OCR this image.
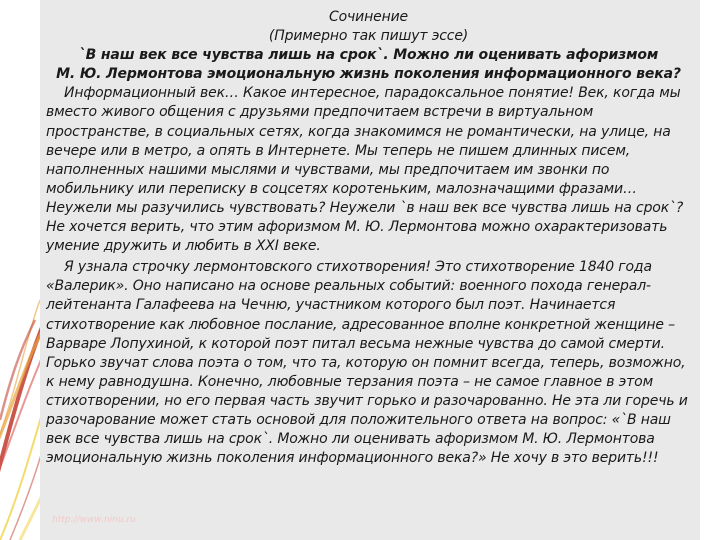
Сочинение
(Примерно так пишут эссе)
`В наш век все чувства лишь на срок`. Можно ли оценивать афоризмом
М. Ю. Лермонтова эмоциональную жизнь поколения информационного века?

Информационный век… Какое интересное, парадоксальное понятие! Век, когда мы вместо живого общения с друзьями предпочитаем встречи в виртуальном пространстве, в социальных сетях, когда знакомимся не романтически, на улице, на вечере или в метро, а опять в Интернете. Мы теперь не пишем длинных писем, наполненных нашими мыслями и чувствами, мы предпочитаем им звонки по мобильнику или переписку в соцсетях коротеньким, малозначащими фразами… Неужели мы разучились чувствовать? Неужели `в наш век все чувства лишь на срок`? Не хочется верить, что этим афоризмом М. Ю. Лермонтова можно охарактеризовать умение дружить и любить в XXI веке.

Я узнала строчку лермонтовского стихотворения! Это стихотворение 1840 года «Валерик». Оно написано на основе реальных событий: военного похода генерал-лейтенанта Галафеева на Чечню, участником которого был поэт. Начинается стихотворение как любовное послание, адресованное вполне конкретной женщине – Варваре Лопухиной, к которой поэт питал весьма нежные чувства до самой смерти. Горько звучат слова поэта о том, что та, которую он помнит всегда, теперь, возможно, к нему равнодушна. Конечно, любовные терзания поэта – не самое главное в этом стихотворении, но его первая часть звучит горько и разочарованно. Не эта ли горечь и разочарование может стать основой для положительного ответа на вопрос: «`В наш век все чувства лишь на срок`. Можно ли оценивать афоризмом М. Ю. Лермонтова эмоциональную жизнь поколения информационного века?» Не хочу в это верить!!!

http://www.ninu.ru
